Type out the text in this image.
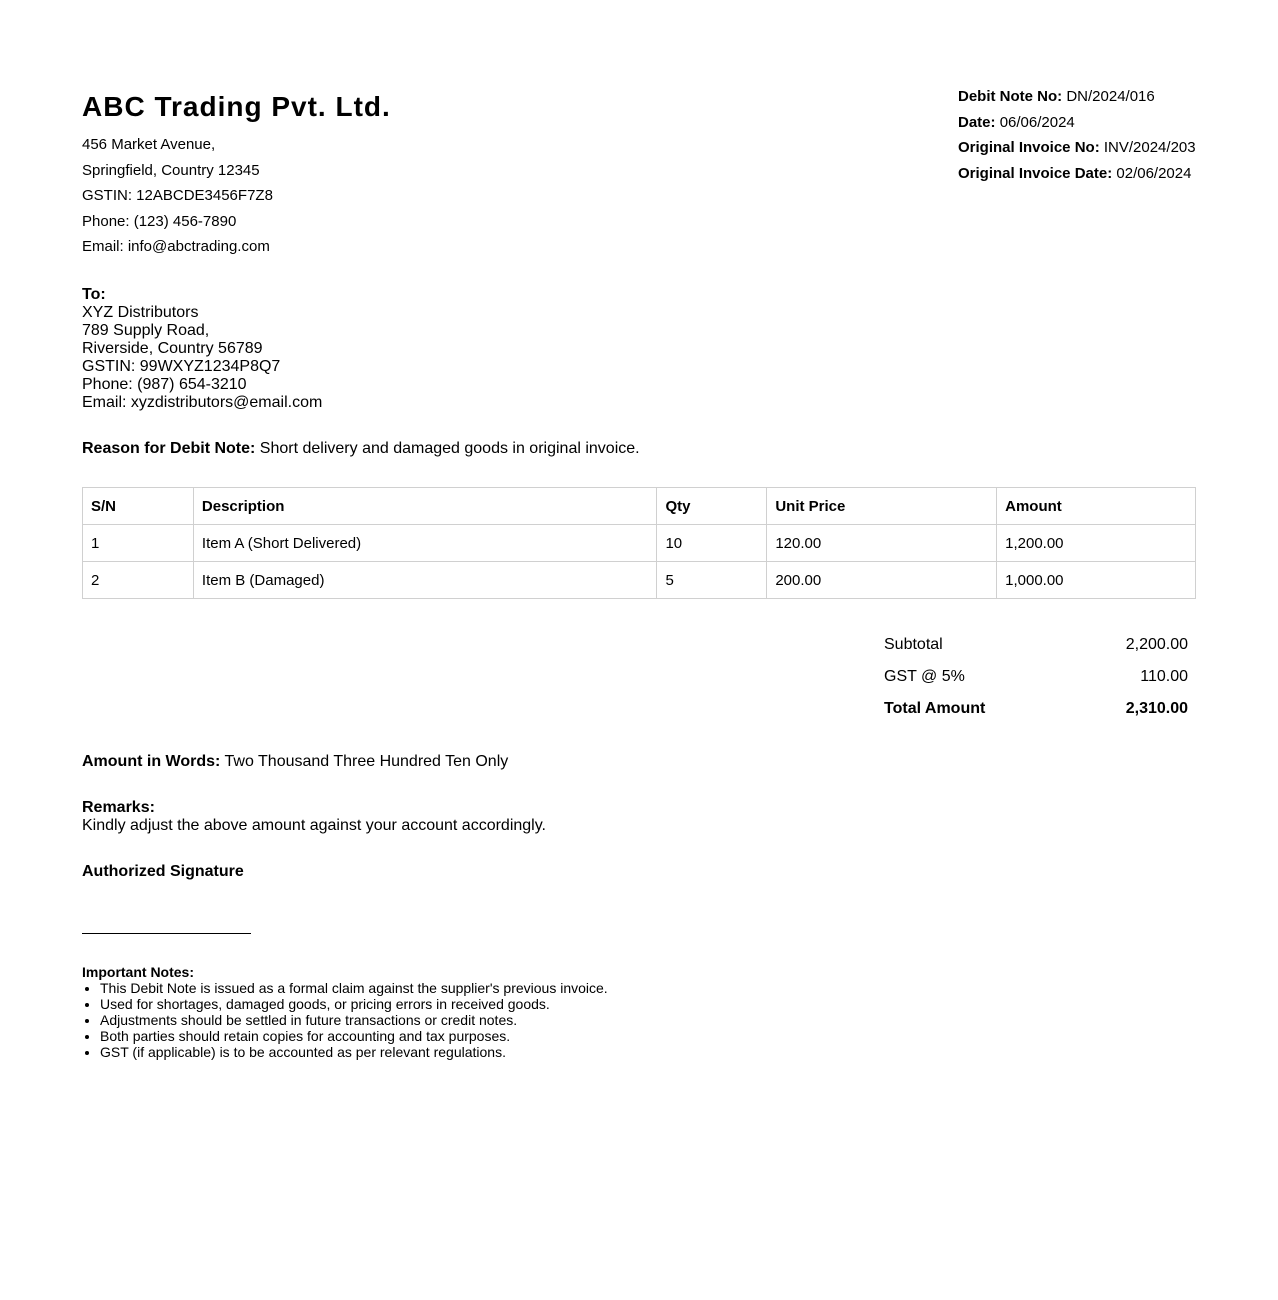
ABC Trading Pvt. Ltd.
456 Market Avenue,
Springfield, Country 12345
GSTIN: 12ABCDE3456F7Z8
Phone: (123) 456-7890
Email: info@abctrading.com
Debit Note No: DN/2024/016
Date: 06/06/2024
Original Invoice No: INV/2024/203
Original Invoice Date: 02/06/2024
To:
XYZ Distributors
789 Supply Road,
Riverside, Country 56789
GSTIN: 99WXYZ1234P8Q7
Phone: (987) 654-3210
Email: xyzdistributors@email.com
Reason for Debit Note: Short delivery and damaged goods in original invoice.
S/N	Description	Qty	Unit Price	Amount
1	Item A (Short Delivered)	10	120.00	1,200.00
2	Item B (Damaged)	5	200.00	1,000.00
Subtotal	2,200.00
GST @ 5%	110.00
Total Amount	2,310.00
Amount in Words: Two Thousand Three Hundred Ten Only
Remarks:
Kindly adjust the above amount against your account accordingly.
Authorized Signature
Important Notes:
• This Debit Note is issued as a formal claim against the supplier's previous invoice.
• Used for shortages, damaged goods, or pricing errors in received goods.
• Adjustments should be settled in future transactions or credit notes.
• Both parties should retain copies for accounting and tax purposes.
• GST (if applicable) is to be accounted as per relevant regulations.
